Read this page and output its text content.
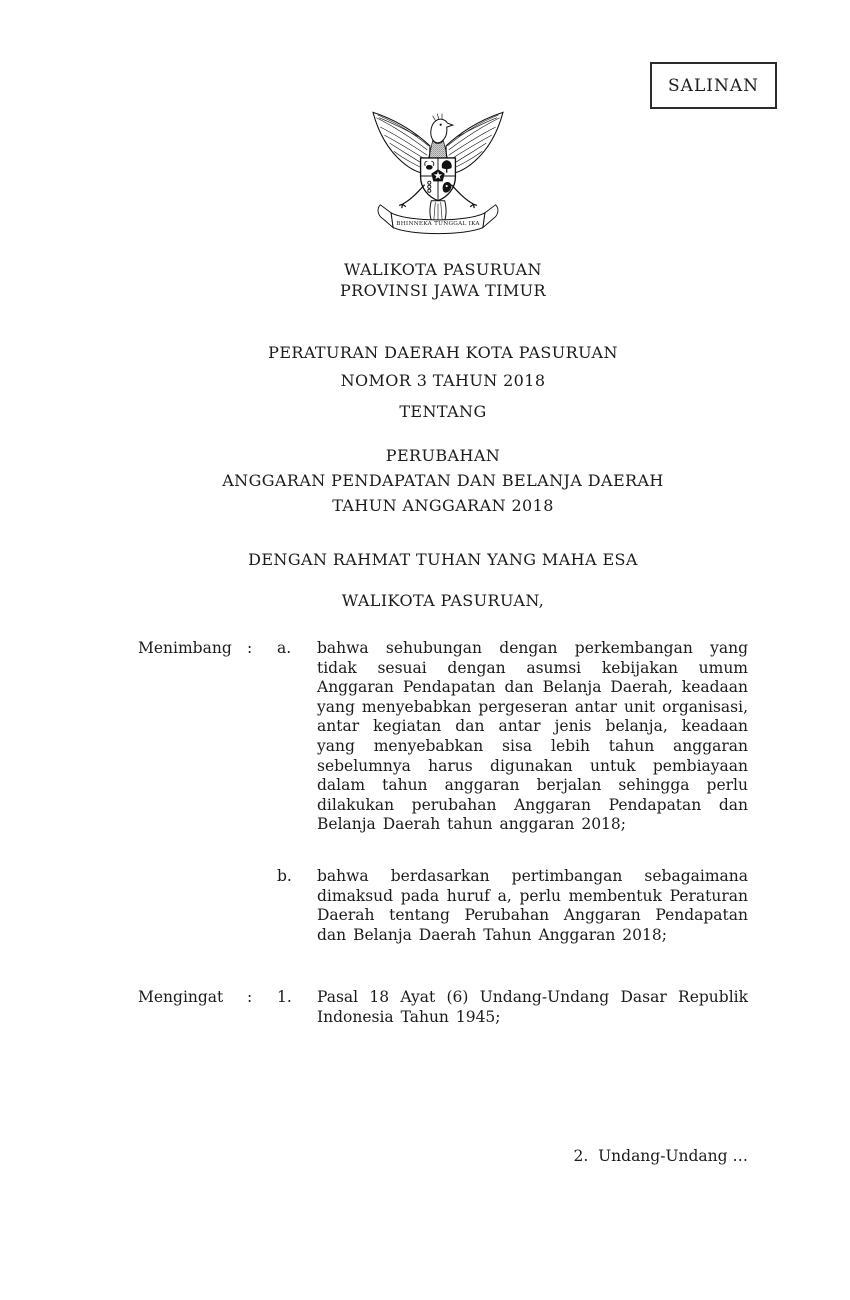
SALINAN
BHINNEKA TUNGGAL IKA
WALIKOTA PASURUAN
PROVINSI JAWA TIMUR
PERATURAN DAERAH KOTA PASURUAN
NOMOR 3 TAHUN 2018
TENTANG
PERUBAHAN
ANGGARAN PENDAPATAN DAN BELANJA DAERAH
TAHUN ANGGARAN 2018
DENGAN RAHMAT TUHAN YANG MAHA ESA
WALIKOTA PASURUAN,
Menimbang :	a.	bahwa sehubungan dengan perkembangan yang tidak sesuai dengan asumsi kebijakan umum Anggaran Pendapatan dan Belanja Daerah, keadaan yang menyebabkan pergeseran antar unit organisasi, antar kegiatan dan antar jenis belanja, keadaan yang menyebabkan sisa lebih tahun anggaran sebelumnya harus digunakan untuk pembiayaan dalam tahun anggaran berjalan sehingga perlu dilakukan perubahan Anggaran Pendapatan dan Belanja Daerah tahun anggaran 2018;
b.	bahwa berdasarkan pertimbangan sebagaimana dimaksud pada huruf a, perlu membentuk Peraturan Daerah tentang Perubahan Anggaran Pendapatan dan Belanja Daerah Tahun Anggaran 2018;
Mengingat	:	1.	Pasal 18 Ayat (6) Undang-Undang Dasar Republik Indonesia Tahun 1945;
2.  Undang-Undang …
